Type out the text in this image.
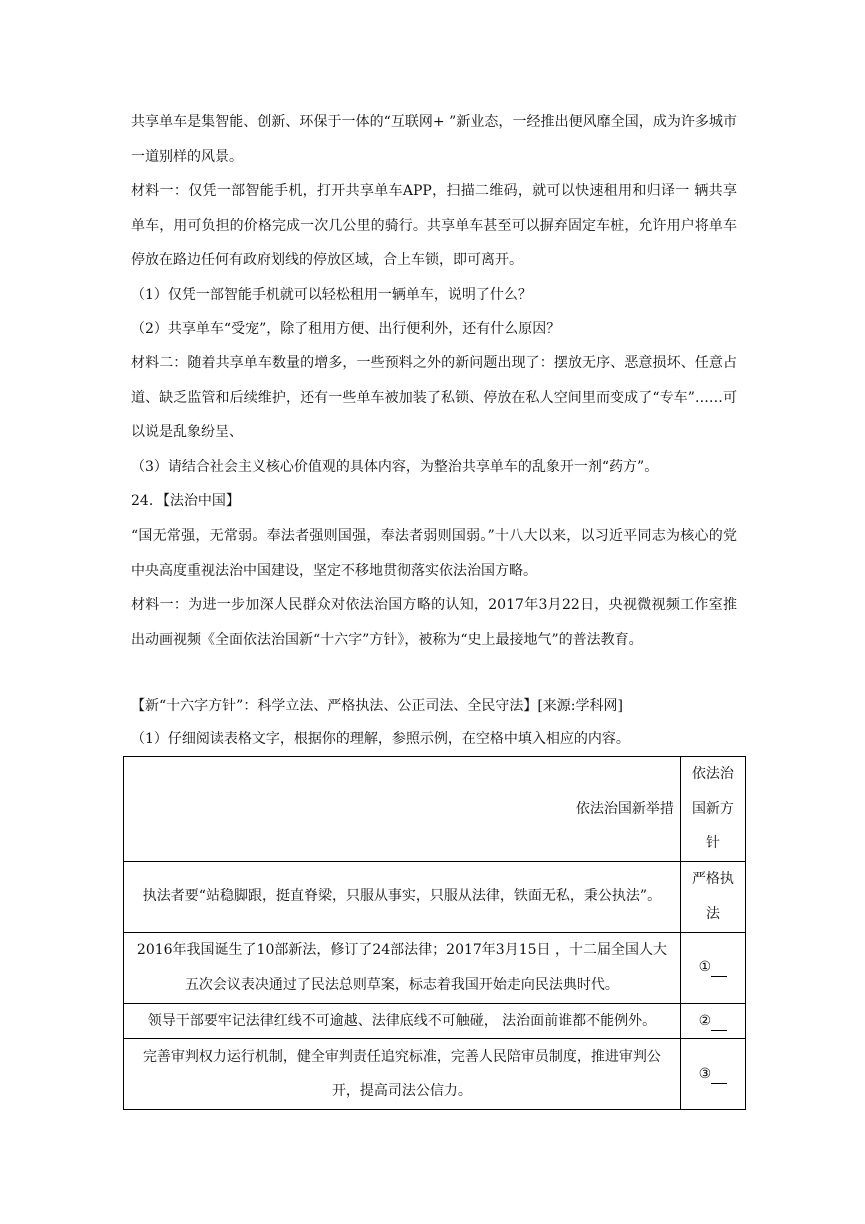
共享单车是集智能、创新、环保于一体的“互联网+ ”新业态，一经推出便风靡全国，成为许多城市一道别样的风景。

材料一：仅凭一部智能手机，打开共享单车APP，扫描二维码，就可以快速租用和归译一 辆共享单车，用可负担的价格完成一次几公里的骑行。共享单车甚至可以摒弃固定车桩，允许用户将单车停放在路边任何有政府划线的停放区域，合上车锁，即可离开。

（1）仅凭一部智能手机就可以轻松租用一辆单车，说明了什么？

（2）共享单车“受宠”，除了租用方便、出行便利外，还有什么原因？

材料二：随着共享单车数量的增多，一些预料之外的新问题出现了：摆放无序、恶意损坏、任意占道、缺乏监管和后续维护，还有一些单车被加装了私锁、停放在私人空间里而变成了“专车”……可以说是乱象纷呈、

（3）请结合社会主义核心价值观的具体内容，为整治共享单车的乱象开一剂“药方”。

24．【法治中国】

“国无常强，无常弱。奉法者强则国强，奉法者弱则国弱。”十八大以来，以习近平同志为核心的党中央高度重视法治中国建设，坚定不移地贯彻落实依法治国方略。

材料一：为进一步加深人民群众对依法治国方略的认知，2017年3月22日，央视微视频工作室推出动画视频《全面依法治国新“十六字”方针》，被称为“史上最接地气”的普法教育。

【新“十六字方针”：科学立法、严格执法、公正司法、全民守法】[来源:学科网]

（1）仔细阅读表格文字，根据你的理解，参照示例，在空格中填入相应的内容。

依法治国新举措	依法治国新方针
执法者要“站稳脚跟，挺直脊梁，只服从事实，只服从法律，铁面无私，秉公执法”。	严格执法
2016年我国诞生了10部新法，修订了24部法律；2017年3月15日 ，十二届全国人大五次会议表决通过了民法总则草案，标志着我国开始走向民法典时代。	①
领导干部要牢记法律红线不可逾越、法律底线不可触碰， 法治面前谁都不能例外。	②
完善审判权力运行机制，健全审判责任追究标准，完善人民陪审员制度，推进审判公开，提高司法公信力。	③
